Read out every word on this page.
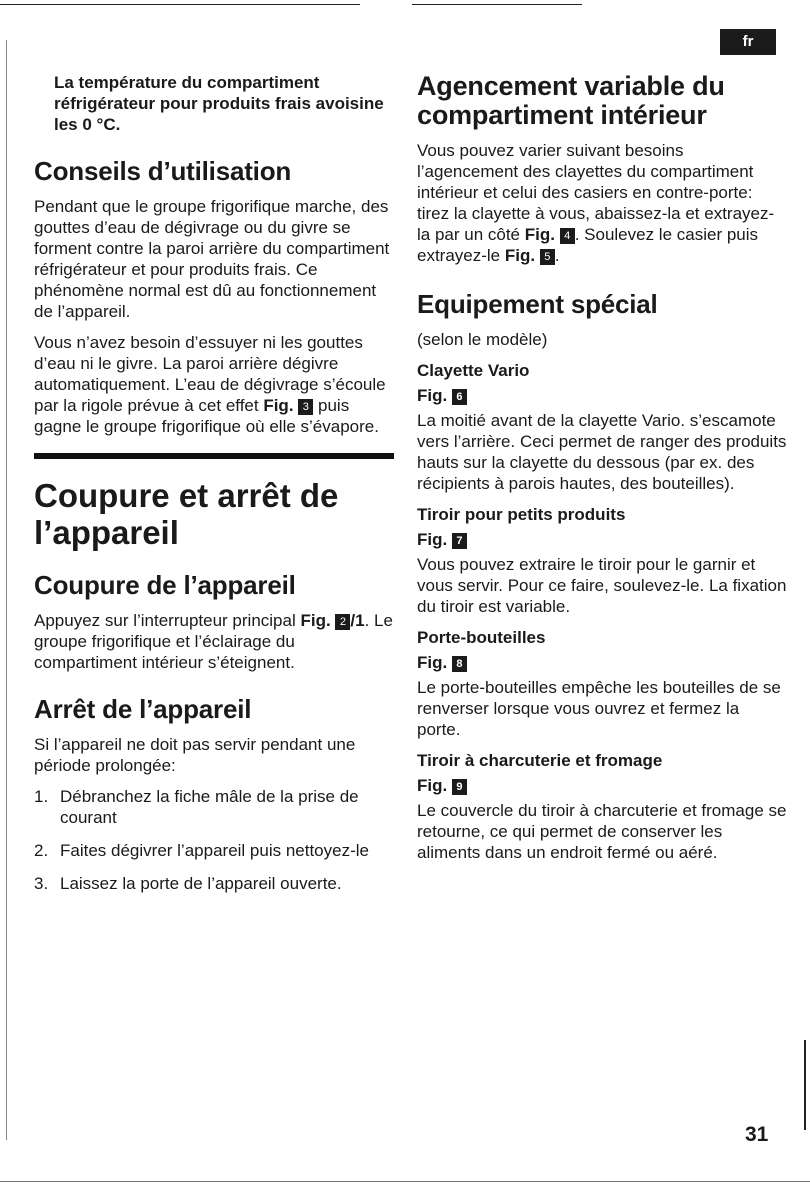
fr

La température du compartiment réfrigérateur pour produits frais avoisine les 0 °C.

Conseils d’utilisation

Pendant que le groupe frigorifique marche, des gouttes d’eau de dégivrage ou du givre se forment contre la paroi arrière du compartiment réfrigérateur et pour produits frais. Ce phénomène normal est dû au fonctionnement de l’appareil.

Vous n’avez besoin d’essuyer ni les gouttes d’eau ni le givre. La paroi arrière dégivre automatiquement. L’eau de dégivrage s’écoule par la rigole prévue à cet effet Fig. 3 puis gagne le groupe frigorifique où elle s’évapore.

Coupure et arrêt de l’appareil
Coupure de l’appareil

Appuyez sur l’interrupteur principal Fig. 2 /1. Le groupe frigorifique et l’éclairage du compartiment intérieur s’éteignent.

Arrêt de l’appareil

Si l’appareil ne doit pas servir pendant une période prolongée:

1. Débranchez la fiche mâle de la prise de courant
2. Faites dégivrer l’appareil puis nettoyez-le
3. Laissez la porte de l’appareil ouverte.
Agencement variable du compartiment intérieur

Vous pouvez varier suivant besoins l’agencement des clayettes du compartiment intérieur et celui des casiers en contre-porte: tirez la clayette à vous, abaissez-la et extrayez-la par un côté Fig. 4 . Soulevez le casier puis extrayez-le Fig. 5 .

Equipement spécial

(selon le modèle)

Clayette Vario
Fig. 6

La moitié avant de la clayette Vario. s’escamote vers l’arrière. Ceci permet de ranger des produits hauts sur la clayette du dessous (par ex. des récipients à parois hautes, des bouteilles).

Tiroir pour petits produits
Fig. 7

Vous pouvez extraire le tiroir pour le garnir et vous servir. Pour ce faire, soulevez-le. La fixation du tiroir est variable.

Porte-bouteilles
Fig. 8

Le porte-bouteilles empêche les bouteilles de se renverser lorsque vous ouvrez et fermez la porte.

Tiroir à charcuterie et fromage
Fig. 9

Le couvercle du tiroir à charcuterie et fromage se retourne, ce qui permet de conserver les aliments dans un endroit fermé ou aéré.

31
